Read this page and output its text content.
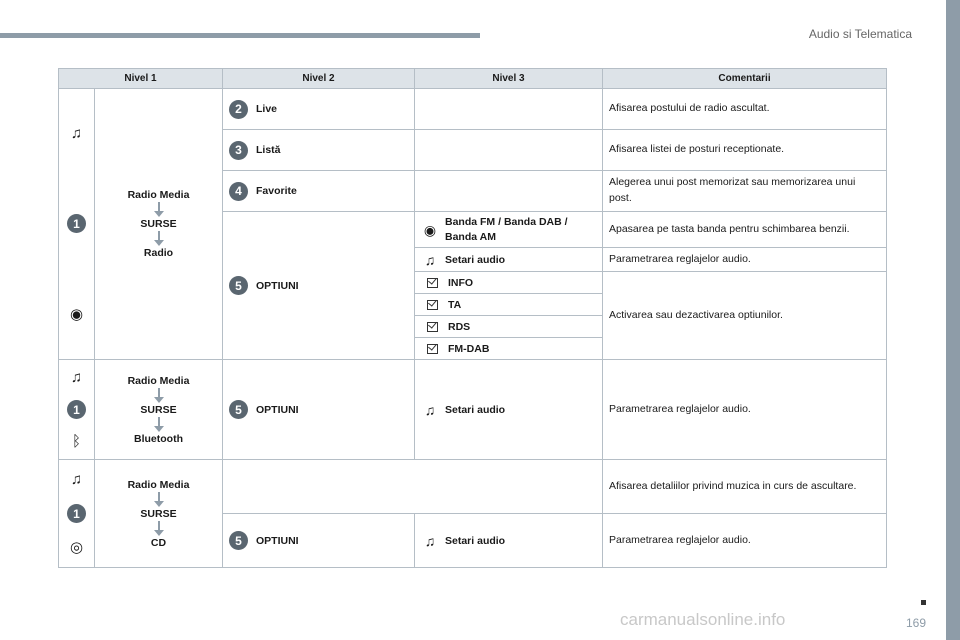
Audio si Telematica
169
carmanualsonline.info
Nivel 1		Nivel 2	Nivel 3	Comentarii

♫
1
◉	Radio Media
SURSE
Radio	2 Live		Afisarea postului de radio ascultat.

3 Listă		Afisarea listei de posturi receptionate.

4 Favorite		Alegerea unui post memorizat sau memorizarea unui post.

5 OPTIUNI	◉ Banda FM / Banda DAB /
Banda AM	Apasarea pe tasta banda pentru schimbarea benzii.

			♫ Setari audio	Parametrarea reglajelor audio.

			INFO	Activarea sau dezactivarea optiunilor.

			TA	

			RDS	

			FM-DAB	

♫
1
ᛒ	Radio Media
SURSE
Bluetooth	5 OPTIUNI	♫ Setari audio	Parametrarea reglajelor audio.

♫
1
◎	Radio Media
SURSE
CD			Afisarea detaliilor privind muzica in curs de ascultare.

5 OPTIUNI	♫ Setari audio	Parametrarea reglajelor audio.
